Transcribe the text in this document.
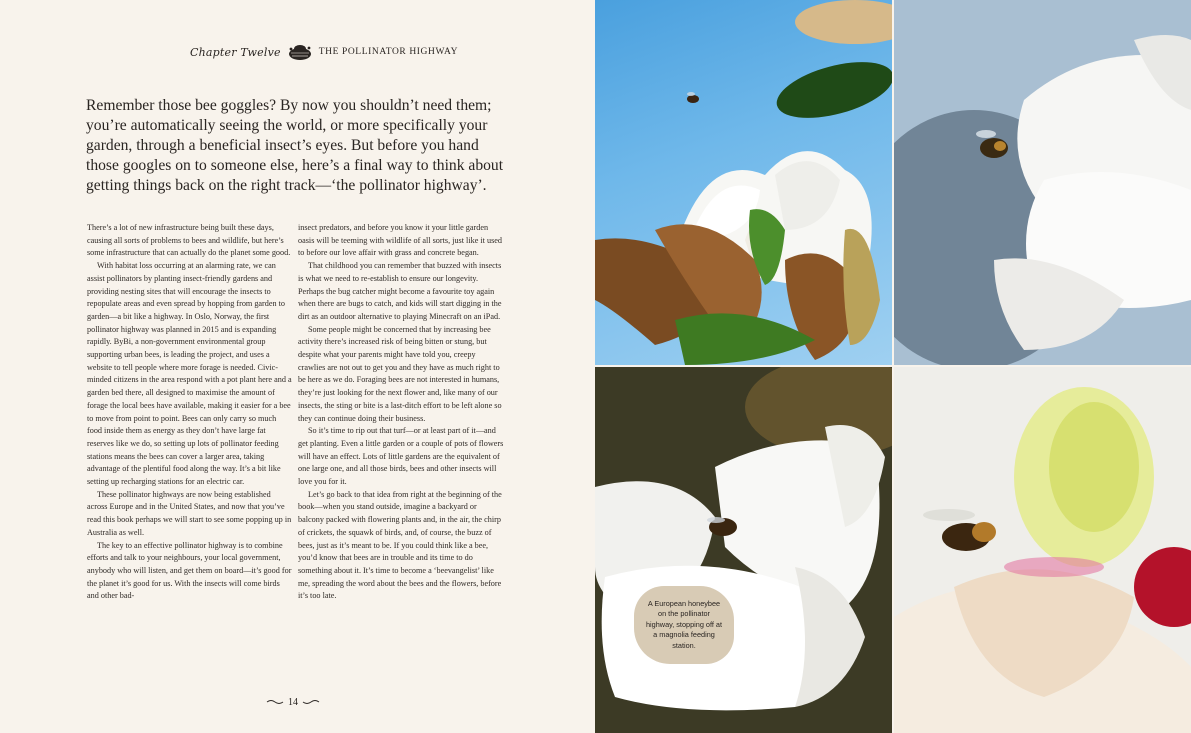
Chapter Twelve	THE POLLINATOR HIGHWAY

Remember those bee goggles? By now you shouldn’t need them; you’re automatically seeing the world, or more specifically your garden, through a beneficial insect’s eyes. But before you hand those googles on to someone else, here’s a final way to think about getting things back on the right track—‘the pollinator highway’.

There’s a lot of new infrastructure being built these days, causing all sorts of problems to bees and wildlife, but here’s some infrastructure that can actually do the planet some good.

With habitat loss occurring at an alarming rate, we can assist pollinators by planting insect-friendly gardens and providing nesting sites that will encourage the insects to repopulate areas and even spread by hopping from garden to garden—a bit like a highway. In Oslo, Norway, the first pollinator highway was planned in 2015 and is expanding rapidly. ByBi, a non-government environmental group supporting urban bees, is leading the project, and uses a website to tell people where more forage is needed. Civic-minded citizens in the area respond with a pot plant here and a garden bed there, all designed to maximise the amount of forage the local bees have available, making it easier for a bee to move from point to point. Bees can only carry so much food inside them as energy as they don’t have large fat reserves like we do, so setting up lots of pollinator feeding stations means the bees can cover a larger area, taking advantage of the plentiful food along the way. It’s a bit like setting up recharging stations for an electric car.

These pollinator highways are now being established across Europe and in the United States, and now that you’ve read this book perhaps we will start to see some popping up in Australia as well.

The key to an effective pollinator highway is to combine efforts and talk to your neighbours, your local government, anybody who will listen, and get them on board—it’s good for the planet it’s good for us. With the insects will come birds and other bad-

insect predators, and before you know it your little garden oasis will be teeming with wildlife of all sorts, just like it used to before our love affair with grass and concrete began.

That childhood you can remember that buzzed with insects is what we need to re-establish to ensure our longevity. Perhaps the bug catcher might become a favourite toy again when there are bugs to catch, and kids will start digging in the dirt as an outdoor alternative to playing Minecraft on an iPad.

Some people might be concerned that by increasing bee activity there’s increased risk of being bitten or stung, but despite what your parents might have told you, creepy crawlies are not out to get you and they have as much right to be here as we do. Foraging bees are not interested in humans, they’re just looking for the next flower and, like many of our insects, the sting or bite is a last-ditch effort to be left alone so they can continue doing their business.

So it’s time to rip out that turf—or at least part of it—and get planting. Even a little garden or a couple of pots of flowers will have an effect. Lots of little gardens are the equivalent of one large one, and all those birds, bees and other insects will love you for it.

Let’s go back to that idea from right at the beginning of the book—when you stand outside, imagine a backyard or balcony packed with flowering plants and, in the air, the chirp of crickets, the squawk of birds, and, of course, the buzz of bees, just as it’s meant to be. If you could think like a bee, you’d know that bees are in trouble and its time to do something about it. It’s time to become a ‘beevangelist’ like me, spreading the word about the bees and the flowers, before it’s too late.

14
A European honeybee on the pollinator highway, stopping off at a magnolia feeding station.
